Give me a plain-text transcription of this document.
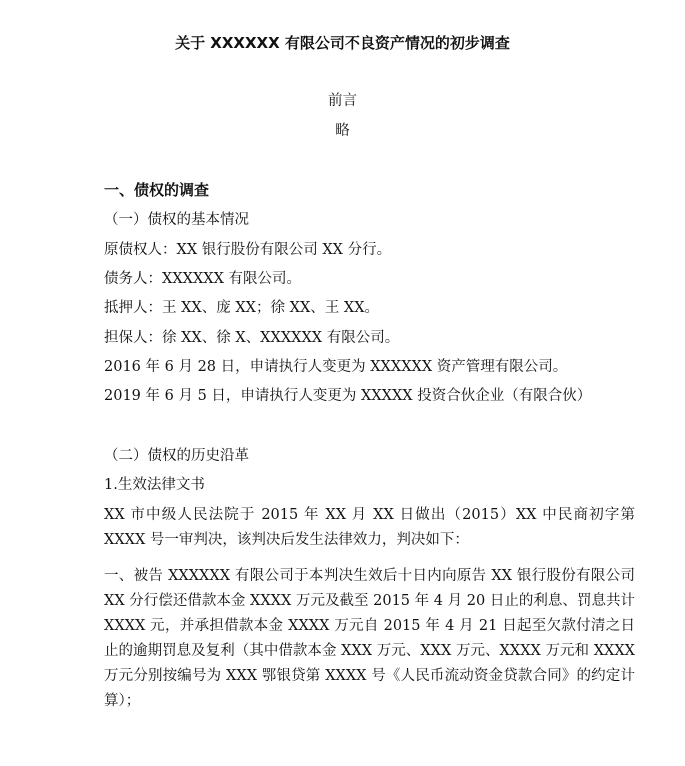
关于 XXXXXX 有限公司不良资产情况的初步调查
前言
略
一、债权的调查
（一）债权的基本情况
原债权人：XX 银行股份有限公司 XX 分行。
债务人：XXXXXX 有限公司。
抵押人：王 XX、庞 XX；徐 XX、王 XX。
担保人：徐 XX、徐 X、XXXXXX 有限公司。
2016 年 6 月 28 日，申请执行人变更为 XXXXXX 资产管理有限公司。
2019 年 6 月 5 日，申请执行人变更为 XXXXX 投资合伙企业（有限合伙）
（二）债权的历史沿革
1.生效法律文书
XX 市中级人民法院于 2015 年 XX 月 XX 日做出（2015）XX 中民商初字第 XXXX 号一审判决，该判决后发生法律效力，判决如下：
一、被告 XXXXXX 有限公司于本判决生效后十日内向原告 XX 银行股份有限公司 XX 分行偿还借款本金 XXXX 万元及截至 2015 年 4 月 20 日止的利息、罚息共计 XXXX 元，并承担借款本金 XXXX 万元自 2015 年 4 月 21 日起至欠款付清之日止的逾期罚息及复利（其中借款本金 XXX 万元、XXX 万元、XXXX 万元和 XXXX 万元分别按编号为 XXX 鄂银贷第 XXXX 号《人民币流动资金贷款合同》的约定计算）；
